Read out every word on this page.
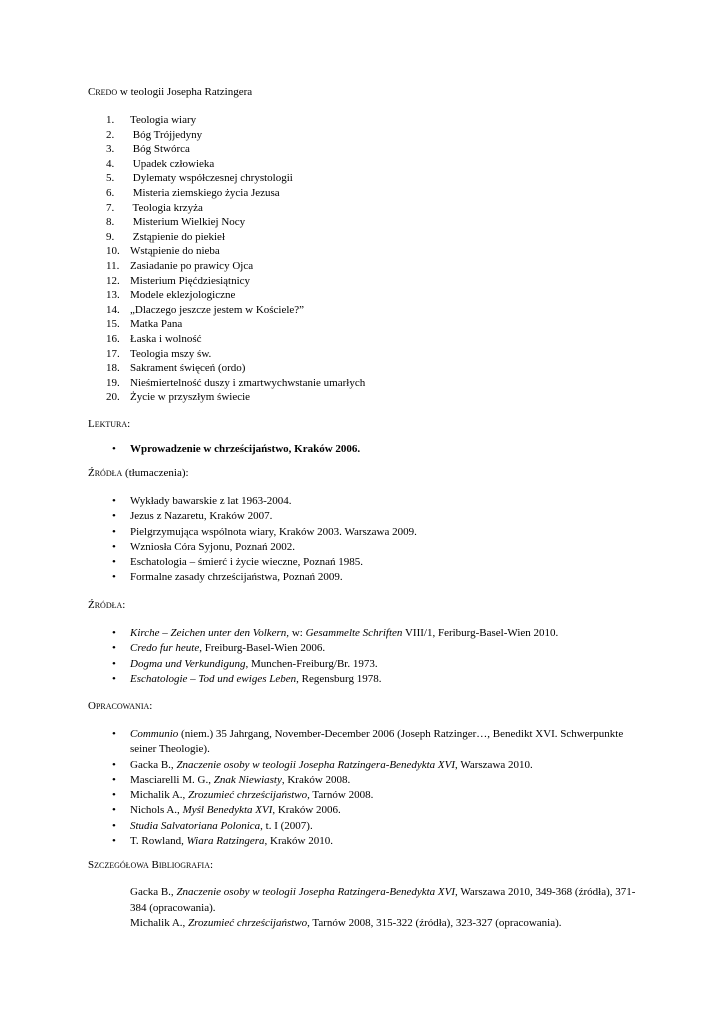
Credo w teologii Josepha Ratzingera
1. Teologia wiary
2. Bóg Trójjedyny
3. Bóg Stwórca
4. Upadek człowieka
5. Dylematy współczesnej chrystologii
6. Misteria ziemskiego życia Jezusa
7. Teologia krzyża
8. Misterium Wielkiej Nocy
9. Zstąpienie do piekieł
10. Wstąpienie do nieba
11. Zasiadanie po prawicy Ojca
12. Misterium Pięćdziesiątnicy
13. Modele eklezjologiczne
14. „Dlaczego jeszcze jestem w Kościele?”
15. Matka Pana
16. Łaska i wolność
17. Teologia mszy św.
18. Sakrament święceń (ordo)
19. Nieśmiertelność duszy i zmartwychwstanie umarłych
20. Życie w przyszłym świecie
Lektura:
• Wprowadzenie w chrześcijaństwo, Kraków 2006.
Źródła (tłumaczenia):
• Wykłady bawarskie z lat 1963-2004.
• Jezus z Nazaretu, Kraków 2007.
• Pielgrzymująca wspólnota wiary, Kraków 2003. Warszawa 2009.
• Wzniosła Córa Syjonu, Poznań 2002.
• Eschatologia – śmierć i życie wieczne, Poznań 1985.
• Formalne zasady chrześcijaństwa, Poznań 2009.
Źródła:
• Kirche – Zeichen unter den Volkern, w: Gesammelte Schriften VIII/1, Feriburg-Basel-Wien 2010.
• Credo fur heute, Freiburg-Basel-Wien 2006.
• Dogma und Verkundigung, Munchen-Freiburg/Br. 1973.
• Eschatologie – Tod und ewiges Leben, Regensburg 1978.
Opracowania:
• Communio (niem.) 35 Jahrgang, November-December 2006 (Joseph Ratzinger…, Benedikt XVI. Schwerpunkte seiner Theologie).
• Gacka B., Znaczenie osoby w teologii Josepha Ratzingera-Benedykta XVI, Warszawa 2010.
• Masciarelli M. G., Znak Niewiasty, Kraków 2008.
• Michalik A., Zrozumieć chrześcijaństwo, Tarnów 2008.
• Nichols A., Myśl Benedykta XVI, Kraków 2006.
• Studia Salvatoriana Polonica, t. I (2007).
• T. Rowland, Wiara Ratzingera, Kraków 2010.
Szczegółowa Bibliografia:

Gacka B., Znaczenie osoby w teologii Josepha Ratzingera-Benedykta XVI, Warszawa 2010, 349-368 (źródła), 371-384 (opracowania).

Michalik A., Zrozumieć chrześcijaństwo, Tarnów 2008, 315-322 (źródła), 323-327 (opracowania).
